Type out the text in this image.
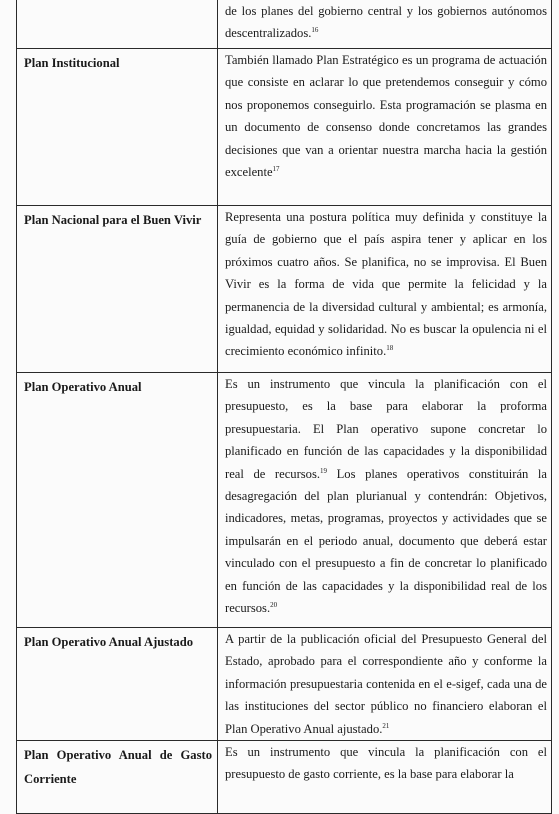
	de los planes del gobierno central y los gobiernos autónomos descentralizados.$^{16}$
Plan Institucional	También llamado Plan Estratégico es un programa de actuación que consiste en aclarar lo que pretendemos conseguir y cómo nos proponemos conseguirlo. Esta programación se plasma en un documento de consenso donde concretamos las grandes decisiones que van a orientar nuestra marcha hacia la gestión excelente$^{17}$
Plan Nacional para el Buen Vivir	Representa una postura política muy definida y constituye la guía de gobierno que el país aspira tener y aplicar en los próximos cuatro años. Se planifica, no se improvisa. El Buen Vivir es la forma de vida que permite la felicidad y la permanencia de la diversidad cultural y ambiental; es armonía, igualdad, equidad y solidaridad. No es buscar la opulencia ni el crecimiento económico infinito.$^{18}$
Plan Operativo Anual	Es un instrumento que vincula la planificación con el presupuesto, es la base para elaborar la proforma presupuestaria. El Plan operativo supone concretar lo planificado en función de las capacidades y la disponibilidad real de recursos.$^{19}$ Los planes operativos constituirán la desagregación del plan plurianual y contendrán: Objetivos, indicadores, metas, programas, proyectos y actividades que se impulsarán en el periodo anual, documento que deberá estar vinculado con el presupuesto a fin de concretar lo planificado en función de las capacidades y la disponibilidad real de los recursos.$^{20}$
Plan Operativo Anual Ajustado	A partir de la publicación oficial del Presupuesto General del Estado, aprobado para el correspondiente año y conforme la información presupuestaria contenida en el e-sigef, cada una de las instituciones del sector público no financiero elaboran el Plan Operativo Anual ajustado.$^{21}$
Plan Operativo Anual de Gasto Corriente	Es un instrumento que vincula la planificación con el presupuesto de gasto corriente, es la base para elaborar la
